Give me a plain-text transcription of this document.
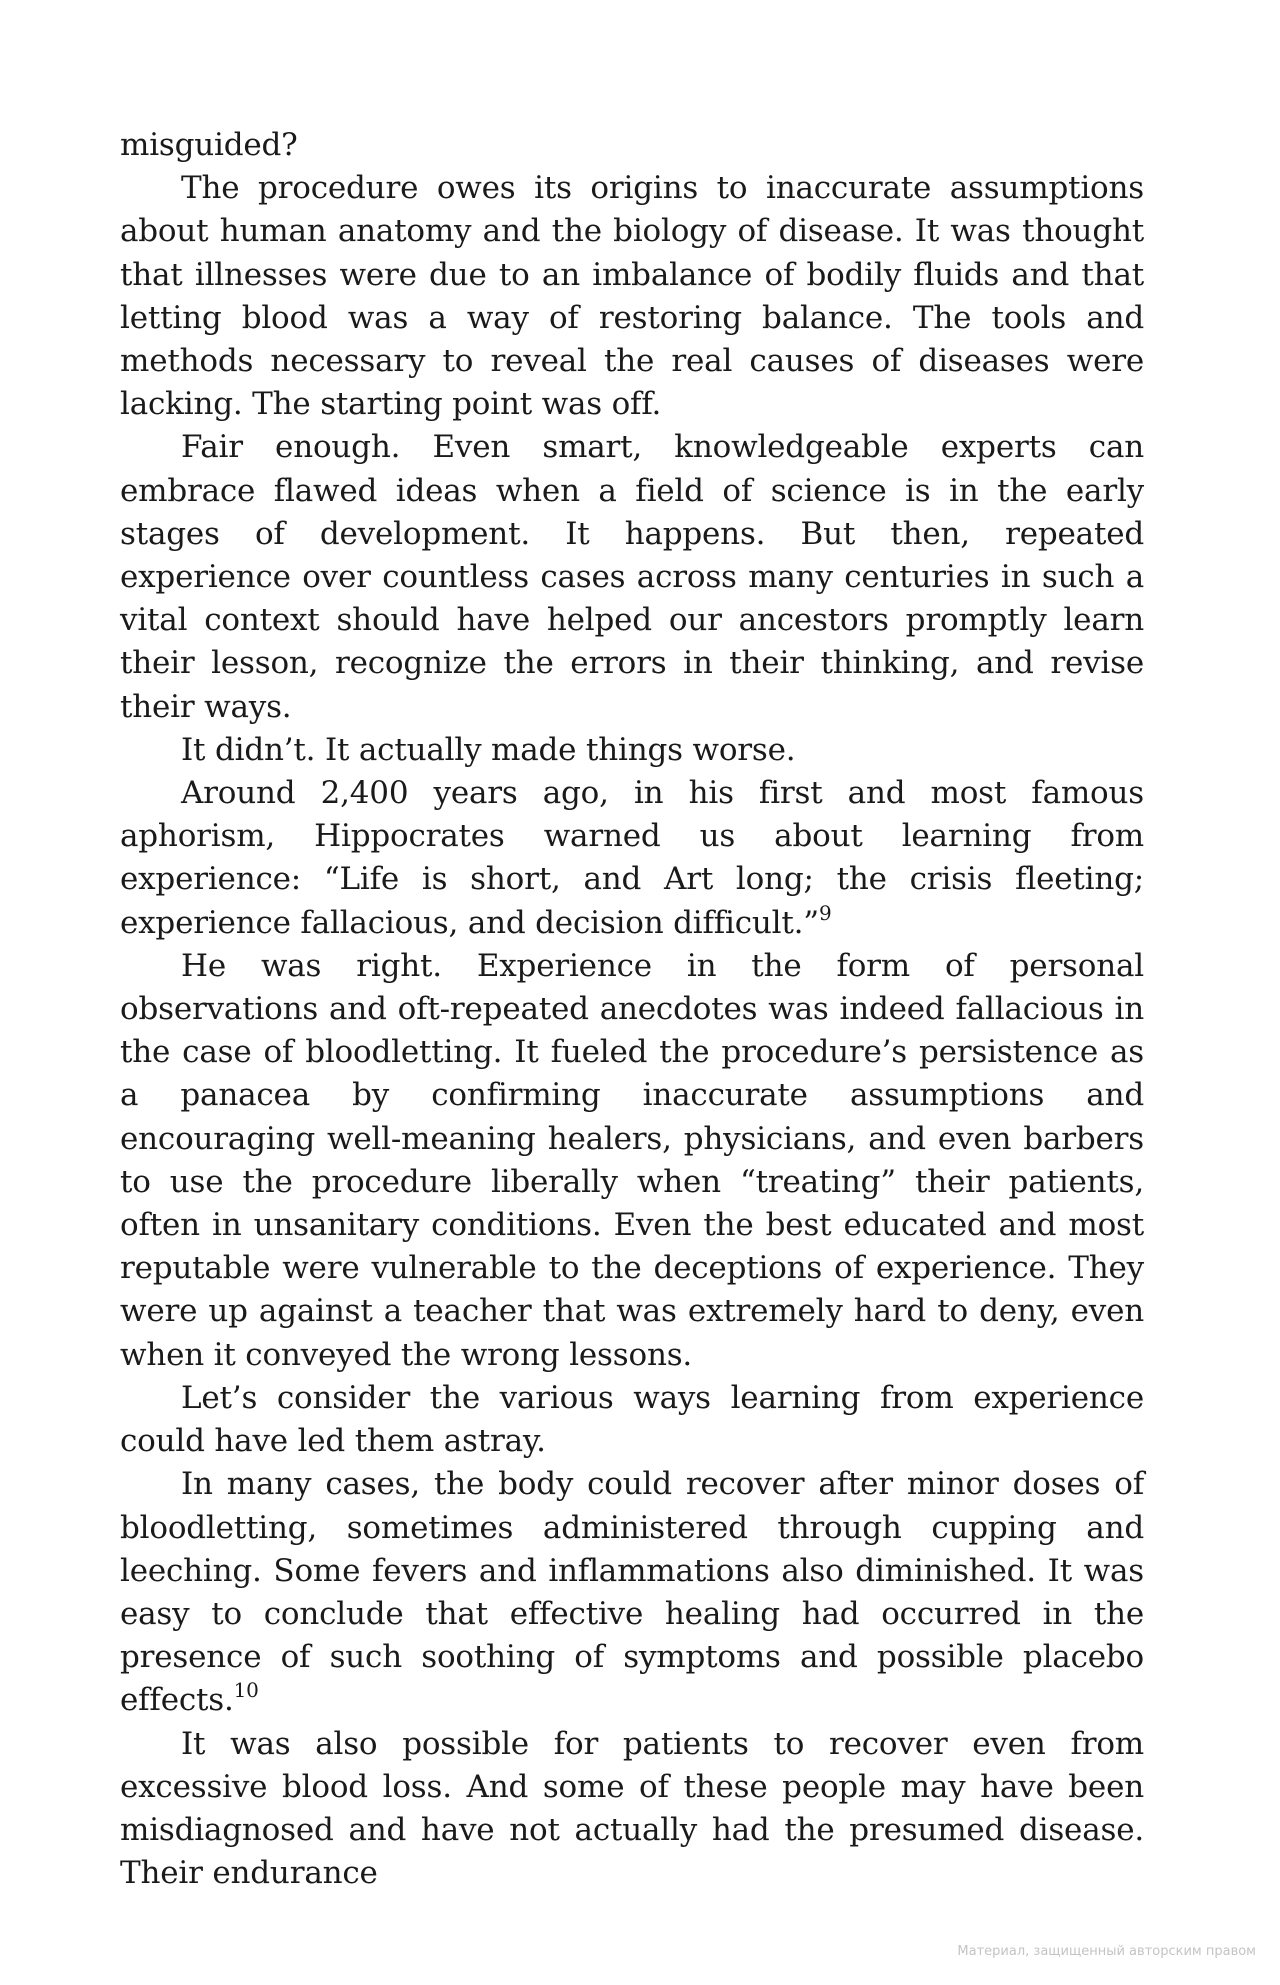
misguided?

The procedure owes its origins to inaccurate assumptions about human anatomy and the biology of disease. It was thought that illnesses were due to an imbalance of bodily fluids and that letting blood was a way of restoring balance. The tools and methods necessary to reveal the real causes of diseases were lacking. The starting point was off.

Fair enough. Even smart, knowledgeable experts can embrace flawed ideas when a field of science is in the early stages of development. It happens. But then, repeated experience over countless cases across many centuries in such a vital context should have helped our ancestors promptly learn their lesson, recognize the errors in their thinking, and revise their ways.

It didn’t. It actually made things worse.

Around 2,400 years ago, in his first and most famous aphorism, Hippocrates warned us about learning from experience: “Life is short, and Art long; the crisis fleeting; experience fallacious, and decision difficult.”$^9$

He was right. Experience in the form of personal observations and oft-repeated anecdotes was indeed fallacious in the case of bloodletting. It fueled the procedure’s persistence as a panacea by confirming inaccurate assumptions and encouraging well-meaning healers, physicians, and even barbers to use the procedure liberally when “treating” their patients, often in unsanitary conditions. Even the best educated and most reputable were vulnerable to the deceptions of experience. They were up against a teacher that was extremely hard to deny, even when it conveyed the wrong lessons.

Let’s consider the various ways learning from experience could have led them astray.

In many cases, the body could recover after minor doses of bloodletting, sometimes administered through cupping and leeching. Some fevers and inflammations also diminished. It was easy to conclude that effective healing had occurred in the presence of such soothing of symptoms and possible placebo effects.$^{10}$

It was also possible for patients to recover even from excessive blood loss. And some of these people may have been misdiagnosed and have not actually had the presumed disease. Their endurance

Материал, защищенный авторским правом
